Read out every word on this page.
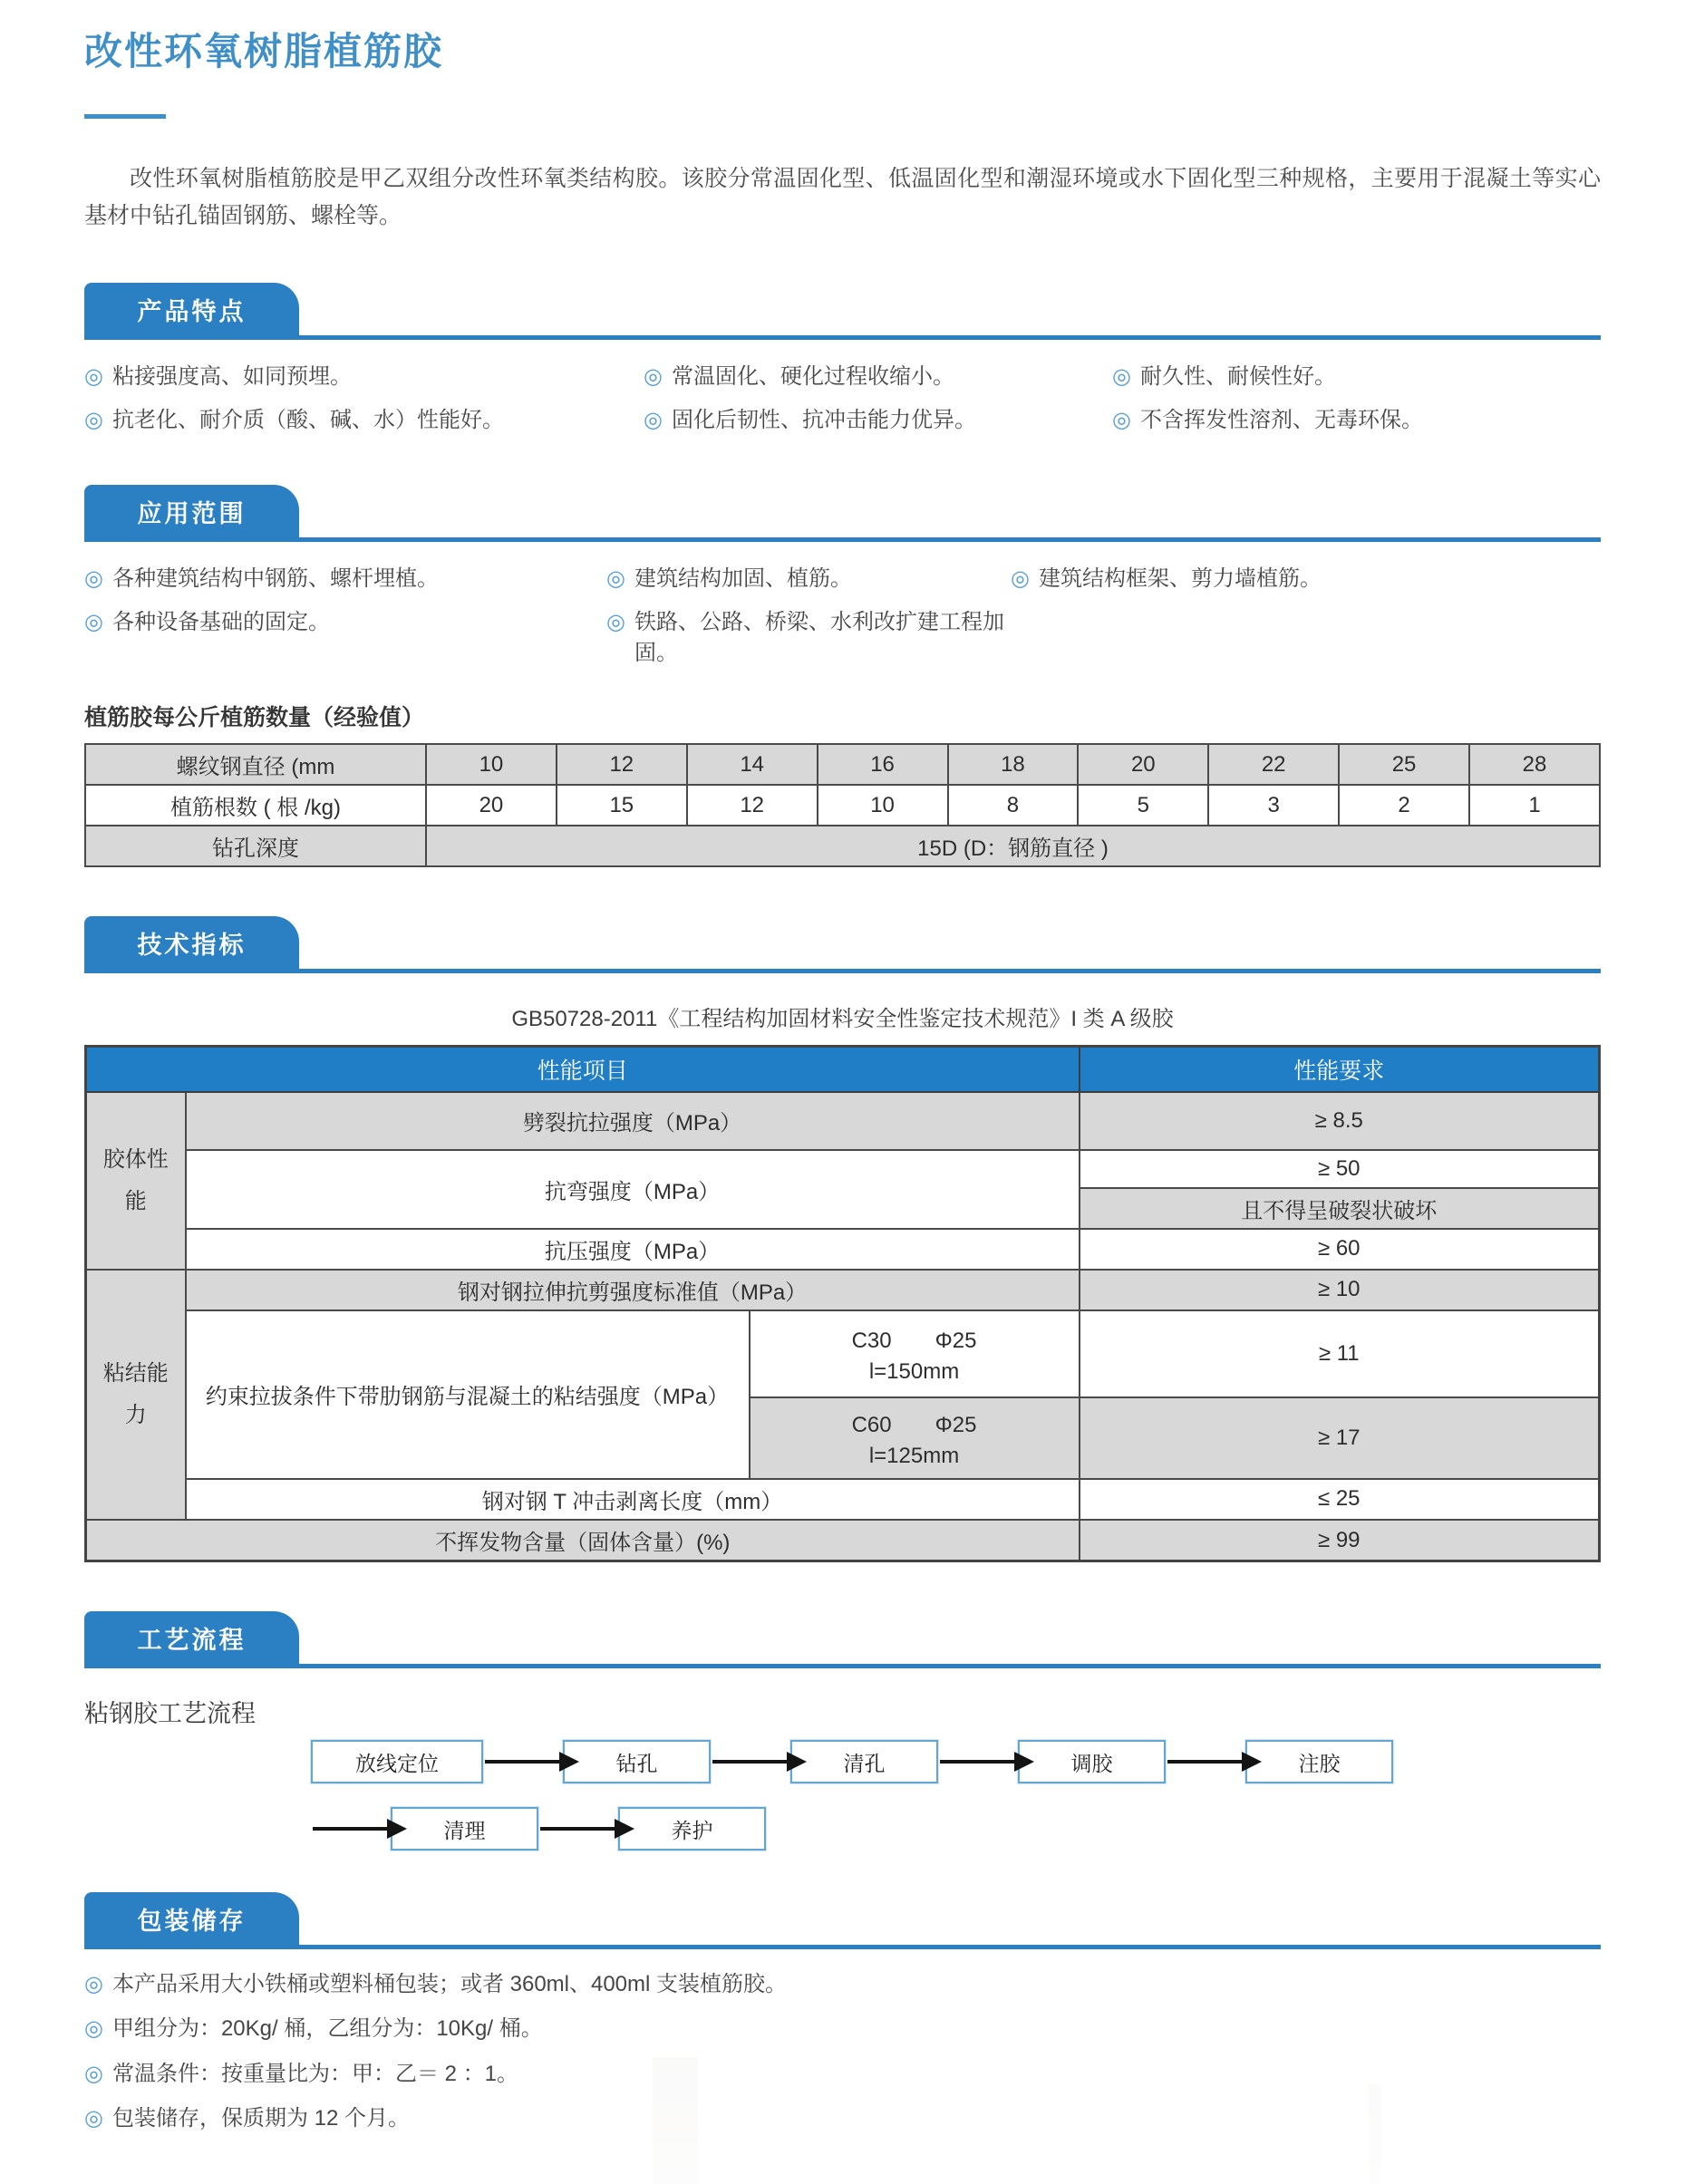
改性环氧树脂植筋胶

改性环氧树脂植筋胶是甲乙双组分改性环氧类结构胶。该胶分常温固化型、低温固化型和潮湿环境或水下固化型三种规格，主要用于混凝土等实心基材中钻孔锚固钢筋、螺栓等。

产品特点
◎ 粘接强度高、如同预埋。	◎ 常温固化、硬化过程收缩小。	◎ 耐久性、耐候性好。
◎ 抗老化、耐介质（酸、碱、水）性能好。	◎ 固化后韧性、抗冲击能力优异。	◎ 不含挥发性溶剂、无毒环保。
应用范围
◎ 各种建筑结构中钢筋、螺杆埋植。	◎ 建筑结构加固、植筋。	◎ 建筑结构框架、剪力墙植筋。
◎ 各种设备基础的固定。	◎ 铁路、公路、桥梁、水利改扩建工程加固。
植筋胶每公斤植筋数量（经验值）
螺纹钢直径 (mm	10	12	14	16	18	20	22	25	28
植筋根数 ( 根 /kg)	20	15	12	10	8	5	3	2	1
钻孔深度	15D (D：钢筋直径 )								
技术指标
GB50728-2011《工程结构加固材料安全性鉴定技术规范》I 类 A 级胶
性能项目			性能要求
胶体性能	劈裂抗拉强度（MPa）		≥ 8.5
	抗弯强度（MPa）		≥ 50
			且不得呈破裂状破坏
	抗压强度（MPa）		≥ 60
粘结能力	钢对钢拉伸抗剪强度标准值（MPa）		≥ 10
	约束拉拔条件下带肋钢筋与混凝土的粘结强度（MPa）	C30　　Φ25
l=150mm	≥ 11
		C60　　Φ25
l=125mm	≥ 17
	钢对钢 T 冲击剥离长度（mm）		≤ 25
不挥发物含量（固体含量）(%)			≥ 99
工艺流程
粘钢胶工艺流程
放线定位	钻孔	清孔	调胶	注胶
清理	养护
包装储存
◎ 本产品采用大小铁桶或塑料桶包装；或者 360ml、400ml 支装植筋胶。
◎ 甲组分为：20Kg/ 桶，乙组分为：10Kg/ 桶。
◎ 常温条件：按重量比为：甲：乙＝ 2 ：1。
◎ 包装储存，保质期为 12 个月。
